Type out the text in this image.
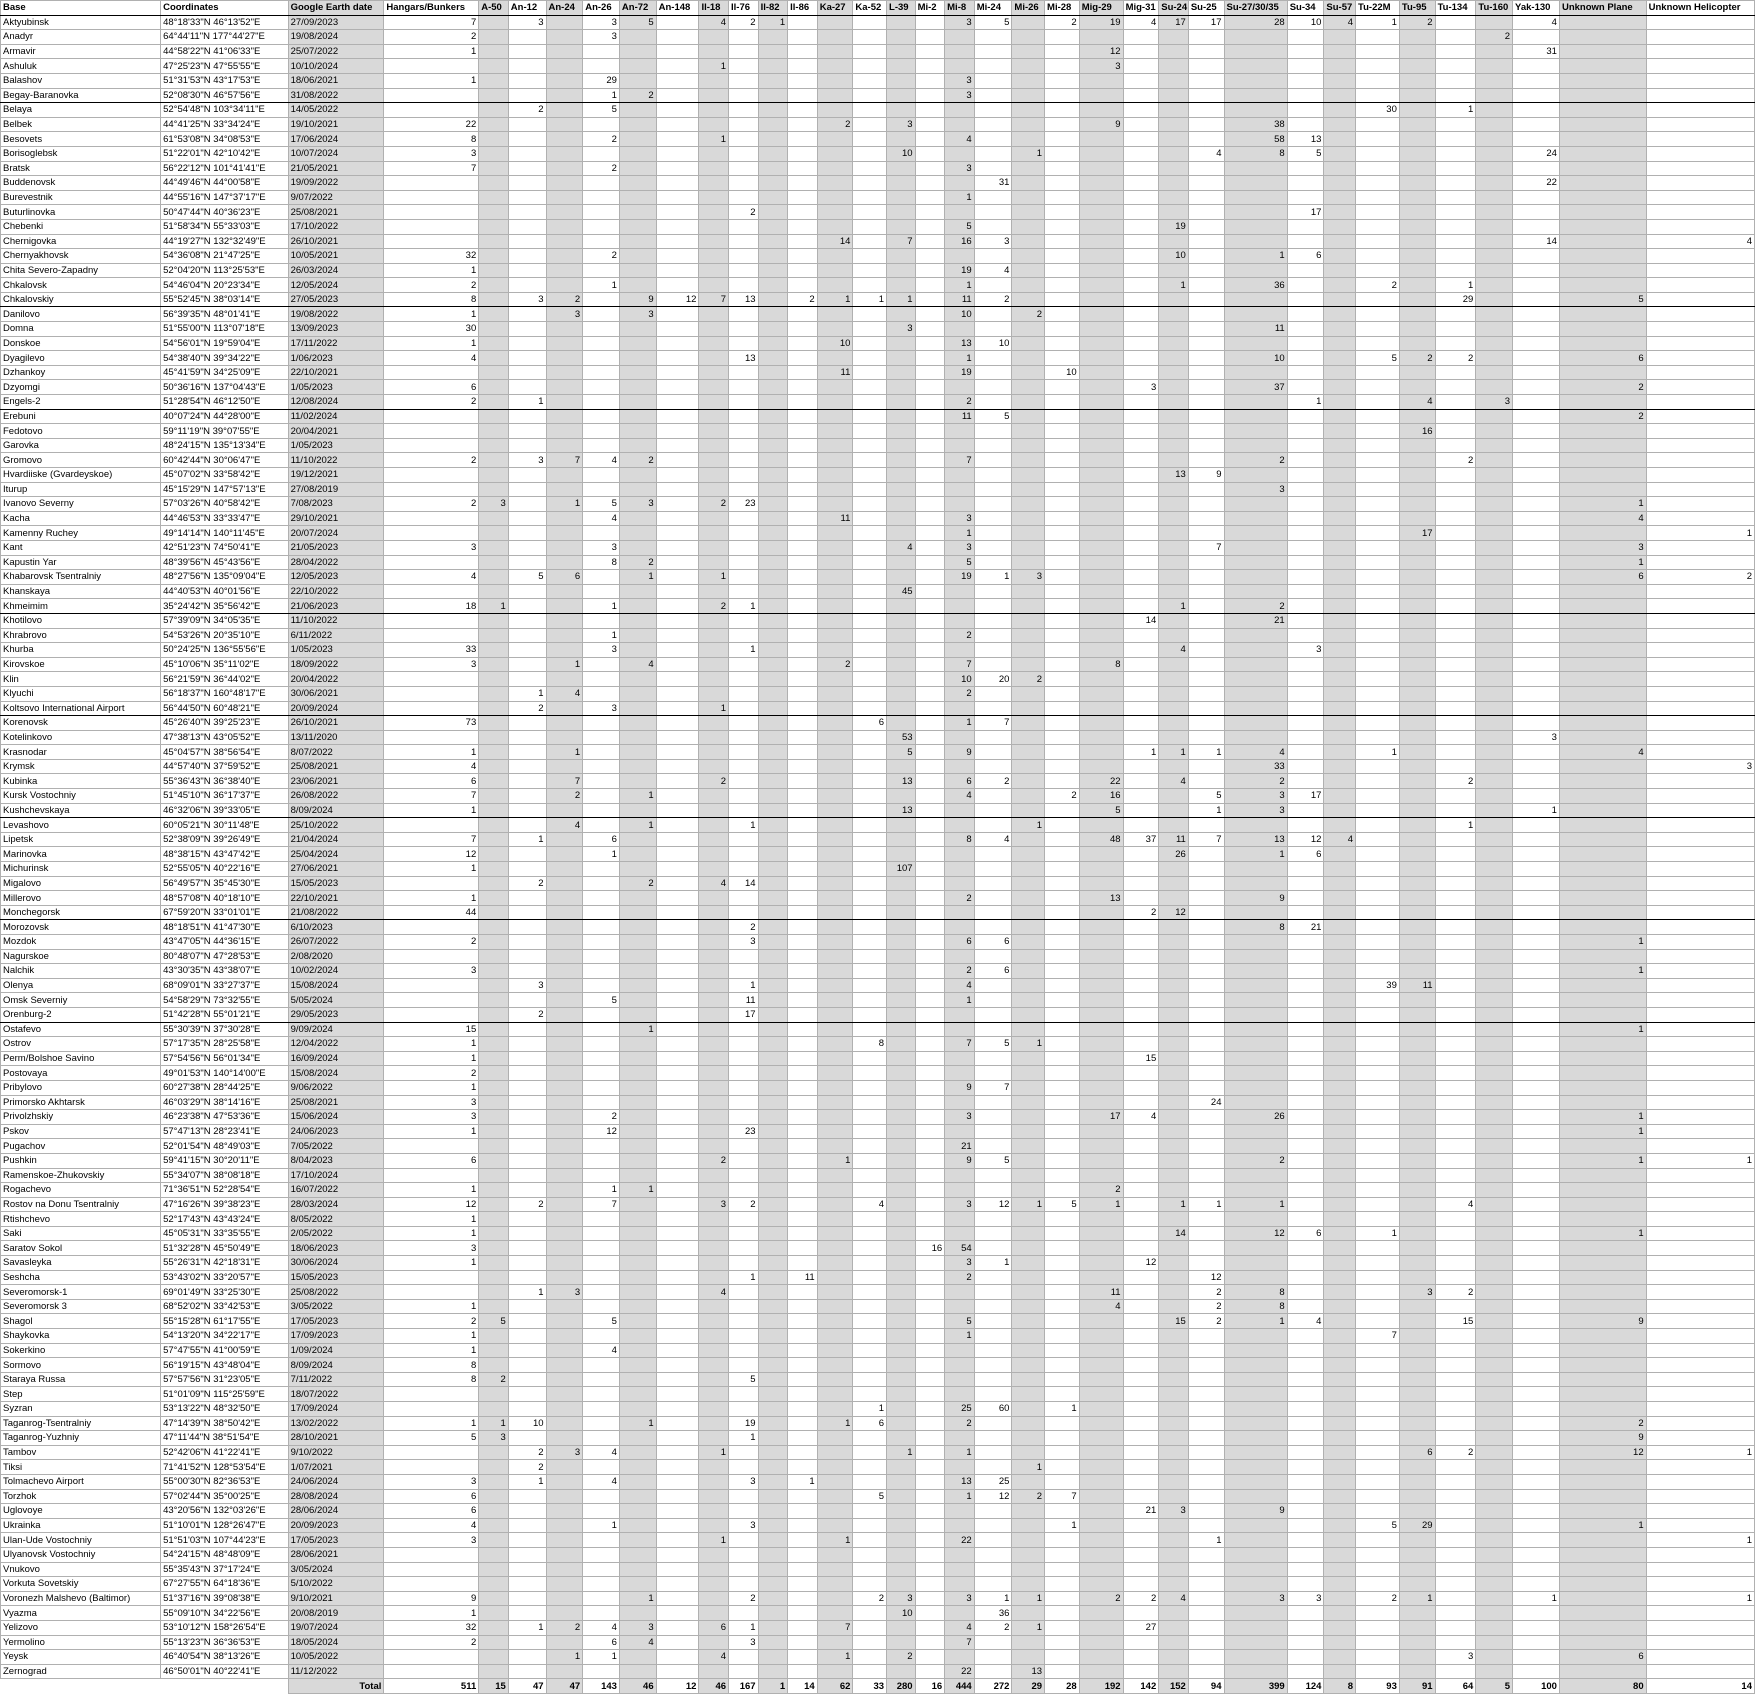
Base	Coordinates	Google Earth date	Hangars/Bunkers	A-50	An-12	An-24	An-26	An-72	An-148	Il-18	Il-76	Il-82	Il-86	Ka-27	Ka-52	L-39	Mi-2	Mi-8	Mi-24	Mi-26	Mi-28	Mig-29	Mig-31	Su-24	Su-25	Su-27/30/35	Su-34	Su-57	Tu-22M	Tu-95	Tu-134	Tu-160	Yak-130	Unknown Plane	Unknown Helicopter
Aktyubinsk	48°18'33"N 46°13'52"E	27/09/2023	7		3		3	5		4	2	1						3	5		2	19	4	17	17	28	10	4	1	2			4		
Anadyr	64°44'11"N 177°44'27"E	19/08/2024	2				3																									2			
Armavir	44°58'22"N 41°06'33"E	25/07/2022	1																			12											31		
Ashuluk	47°25'23"N 47°55'55"E	10/10/2024								1												3													
Balashov	51°31'53"N 43°17'53"E	18/06/2021	1				29											3																	
Begay-Baranovka	52°08'30"N 46°57'56"E	31/08/2022					1	2										3																	
Belaya	52°54'48"N 103°34'11"E	14/05/2022			2		5																						30		1				
Belbek	44°41'25"N 33°34'24"E	19/10/2021	22											2		3						9				38									
Besovets	61°53'08"N 34°08'53"E	17/06/2024	8				2			1								4								58	13								
Borisoglebsk	51°22'01"N 42°10'42"E	10/07/2024	3													10				1					4	8	5						24		
Bratsk	56°22'12"N 101°41'41"E	21/05/2021	7				2											3																	
Buddenovsk	44°49'46"N 44°00'58"E	19/09/2022																	31														22		
Burevestnik	44°55'16"N 147°37'17"E	9/07/2022																1																	
Buturlinovka	50°47'44"N 40°36'23"E	25/08/2021									2																17								
Chebenki	51°58'34"N 55°33'03"E	17/10/2022																5						19											
Chernigovka	44°19'27"N 132°32'49"E	26/10/2021												14		7		16	3														14		4
Chernyakhovsk	54°36'08"N 21°47'25"E	10/05/2021	32				2																	10		1	6								
Chita Severo-Zapadny	52°04'20"N 113°25'53"E	26/03/2024	1															19	4																
Chkalovsk	54°46'04"N 20°23'34"E	12/05/2024	2				1											1						1		36			2		1				
Chkalovskiy	55°52'45"N 38°03'14"E	27/05/2023	8		3	2		9	12	7	13		2	1	1	1		11	2												29			5	
Danilovo	56°39'35"N 48°01'41"E	19/08/2022	1			3		3										10		2															
Domna	51°55'00"N 113°07'18"E	13/09/2023	30													3										11									
Donskoe	54°56'01"N 19°59'04"E	17/11/2022	1											10				13	10																
Dyagilevo	54°38'40"N 39°34'22"E	1/06/2023	4								13							1								10			5	2	2			6	
Dzhankoy	45°41'59"N 34°25'09"E	22/10/2021												11				19			10														
Dzyomgi	50°36'16"N 137°04'43"E	1/05/2023	6																				3			37								2	
Engels-2	51°28'54"N 46°12'50"E	12/08/2024	2		1													2									1			4		3			
Erebuni	40°07'24"N 44°28'00"E	11/02/2024																11	5															2	
Fedotovo	59°11'19"N 39°07'55"E	20/04/2021																												16					
Garovka	48°24'15"N 135°13'34"E	1/05/2023																																	
Gromovo	60°42'44"N 30°06'47"E	11/10/2022	2		3	7	4	2										7								2					2				
Hvardiiske (Gvardeyskoe)	45°07'02"N 33°58'42"E	19/12/2021																						13	9										
Iturup	45°15'29"N 147°57'13"E	27/08/2019																								3									
Ivanovo Severny	57°03'26"N 40°58'42"E	7/08/2023	2	3		1	5	3		2	23																							1	
Kacha	44°46'53"N 33°33'47"E	29/10/2021					4							11				3																4	
Kamenny Ruchey	49°14'14"N 140°11'45"E	20/07/2024																1												17					1
Kant	42°51'23"N 74°50'41"E	21/05/2023	3				3									4		3							7									3	
Kapustin Yar	48°39'56"N 45°43'56"E	28/04/2022					8	2										5																1	
Khabarovsk Tsentralniy	48°27'56"N 135°09'04"E	12/05/2023	4		5	6		1		1								19	1	3														6	2
Khanskaya	44°40'53"N 40°01'56"E	22/10/2022														45																			
Khmeimim	35°24'42"N 35°56'42"E	21/06/2023	18	1			1			2	1													1		2									
Khotilovo	57°39'09"N 34°05'35"E	11/10/2022																					14			21									
Khrabrovo	54°53'26"N 20°35'10"E	6/11/2022					1											2																	
Khurba	50°24'25"N 136°55'56"E	1/05/2023	33				3				1													4			3								
Kirovskoe	45°10'06"N 35°11'02"E	18/09/2022	3			1		4						2				7				8													
Klin	56°21'59"N 36°44'02"E	20/04/2022																10	20	2															
Klyuchi	56°18'37"N 160°48'17"E	30/06/2021			1	4												2																	
Koltsovo International Airport	56°44'50"N 60°48'21"E	20/09/2024			2		3			1																									
Korenovsk	45°26'40"N 39°25'23"E	26/10/2021	73												6			1	7																
Kotelinkovo	47°38'13"N 43°05'52"E	13/11/2020														53																	3		
Krasnodar	45°04'57"N 38°56'54"E	8/07/2022	1			1										5		9					1	1	1	4			1					4	
Krymsk	44°57'40"N 37°59'52"E	25/08/2021	4																							33									3
Kubinka	55°36'43"N 36°38'40"E	23/06/2021	6			7				2						13		6	2			22		4		2					2				
Kursk Vostochniy	51°45'10"N 36°17'37"E	26/08/2022	7			2		1										4			2	16			5	3	17								
Kushchevskaya	46°32'06"N 39°33'05"E	8/09/2024	1													13						5			1	3							1		
Levashovo	60°05'21"N 30°11'48"E	25/10/2022				4		1			1									1											1				
Lipetsk	52°38'09"N 39°26'49"E	21/04/2024	7		1		6											8	4			48	37	11	7	13	12	4							
Marinovka	48°38'15"N 43°47'42"E	25/04/2024	12				1																	26		1	6								
Michurinsk	52°55'05"N 40°22'16"E	27/06/2021	1													107																			
Migalovo	56°49'57"N 35°45'30"E	15/05/2023			2			2		4	14																								
Millerovo	48°57'08"N 40°18'10"E	22/10/2021	1															2				13				9									
Monchegorsk	67°59'20"N 33°01'01"E	21/08/2022	44																				2	12											
Morozovsk	48°18'51"N 41°47'30"E	6/10/2023									2															8	21								
Mozdok	43°47'05"N 44°36'15"E	26/07/2022	2								3							6	6															1	
Nagurskoe	80°48'07"N 47°28'53"E	2/08/2020																																	
Nalchik	43°30'35"N 43°38'07"E	10/02/2024	3															2	6															1	
Olenya	68°09'01"N 33°27'37"E	15/08/2024			3						1							4											39	11					
Omsk Severniy	54°58'29"N 73°32'55"E	5/05/2024					5				11							1																	
Orenburg-2	51°42'28"N 55°01'21"E	29/05/2023			2						17																								
Ostafevo	55°30'39"N 37°30'28"E	9/09/2024	15					1																										1	
Ostrov	57°17'35"N 28°25'58"E	12/04/2022	1												8			7	5	1															
Perm/Bolshoe Savino	57°54'56"N 56°01'34"E	16/09/2024	1																				15												
Postovaya	49°01'53"N 140°14'00"E	15/08/2024	2																																
Pribylovo	60°27'38"N 28°44'25"E	9/06/2022	1															9	7																
Primorsko Akhtarsk	46°03'29"N 38°14'16"E	25/08/2021	3																						24										
Privolzhskiy	46°23'38"N 47°53'36"E	15/06/2024	3				2											3				17	4			26								1	
Pskov	57°47'13"N 28°23'41"E	24/06/2023	1				12				23																							1	
Pugachov	52°01'54"N 48°49'03"E	7/05/2022																21																	
Pushkin	59°41'15"N 30°20'11"E	8/04/2023	6							2				1				9	5							2								1	1
Ramenskoe-Zhukovskiy	55°34'07"N 38°08'18"E	17/10/2024																																	
Rogachevo	71°36'51"N 52°28'54"E	16/07/2022	1				1	1														2													
Rostov na Donu Tsentralniy	47°16'26"N 39°38'23"E	28/03/2024	12		2		7			3	2				4			3	12	1	5	1		1	1	1					4				
Rtishchevo	52°17'43"N 43°43'24"E	8/05/2022	1																																
Saki	45°05'31"N 33°35'55"E	2/05/2022	1																					14		12	6		1					1	
Saratov Sokol	51°32'28"N 45°50'49"E	18/06/2023	3														16	54																	
Savasleyka	55°26'31"N 42°18'31"E	30/06/2024	1															3	1				12												
Seshcha	53°43'02"N 33°20'57"E	15/05/2023									1		11					2							12										
Severomorsk-1	69°01'49"N 33°25'30"E	25/08/2022			1	3				4												11			2	8				3	2				
Severomorsk 3	68°52'02"N 33°42'53"E	3/05/2022	1																			4			2	8									
Shagol	55°15'28"N 61°17'55"E	17/05/2023	2	5			5											5						15	2	1	4				15			9	
Shaykovka	54°13'20"N 34°22'17"E	17/09/2023	1															1											7						
Sokerkino	57°47'55"N 41°00'59"E	1/09/2024	1				4																												
Sormovo	56°19'15"N 43°48'04"E	8/09/2024	8																																
Staraya Russa	57°57'56"N 31°23'05"E	7/11/2022	8	2							5																								
Step	51°01'09"N 115°25'59"E	18/07/2022																																	
Syzran	53°13'22"N 48°32'50"E	17/09/2024													1			25	60		1														
Taganrog-Tsentralniy	47°14'39"N 38°50'42"E	13/02/2022	1	1	10			1			19			1	6			2																2	
Taganrog-Yuzhniy	47°11'44"N 38°51'54"E	28/10/2021	5	3							1																							9	
Tambov	52°42'06"N 41°22'41"E	9/10/2022			2	3	4			1						1		1												6	2			12	1
Tiksi	71°41'52"N 128°53'54"E	1/07/2021			2															1															
Tolmachevo Airport	55°00'30"N 82°36'53"E	24/06/2024	3		1		4				3		1					13	25																
Torzhok	57°02'44"N 35°00'25"E	28/08/2024	6												5			1	12	2	7														
Uglovoye	43°20'56"N 132°03'26"E	28/06/2024	6																				21	3		9									
Ukrainka	51°10'01"N 128°26'47"E	20/09/2023	4				1				3										1								5	29				1	
Ulan-Ude Vostochniy	51°51'03"N 107°44'23"E	17/05/2023	3							1				1				22							1										1
Ulyanovsk Vostochniy	54°24'15"N 48°48'09"E	28/06/2021																																	
Vnukovo	55°35'43"N 37°17'24"E	3/05/2024																																	
Vorkuta Sovetskiy	67°27'55"N 64°18'36"E	5/10/2022																																	
Voronezh Malshevo (Baltimor)	51°37'16"N 39°08'38"E	9/10/2021	9					1			2				2	3		3	1	1		2	2	4		3	3		2	1			1		1
Vyazma	55°09'10"N 34°22'56"E	20/08/2019	1													10			36																
Yelizovo	53°10'12"N 158°26'54"E	19/07/2024	32		1	2	4	3		6	1			7				4	2	1			27												
Yermolino	55°13'23"N 36°36'53"E	18/05/2024	2				6	4			3							7																	
Yeysk	46°40'54"N 38°13'26"E	10/05/2022				1	1			4				1		2															3			6	
Zernograd	46°50'01"N 40°22'41"E	11/12/2022																22		13															
		Total	511	15	47	47	143	46	12	46	167	1	14	62	33	280	16	444	272	29	28	192	142	152	94	399	124	8	93	91	64	5	100	80	14
